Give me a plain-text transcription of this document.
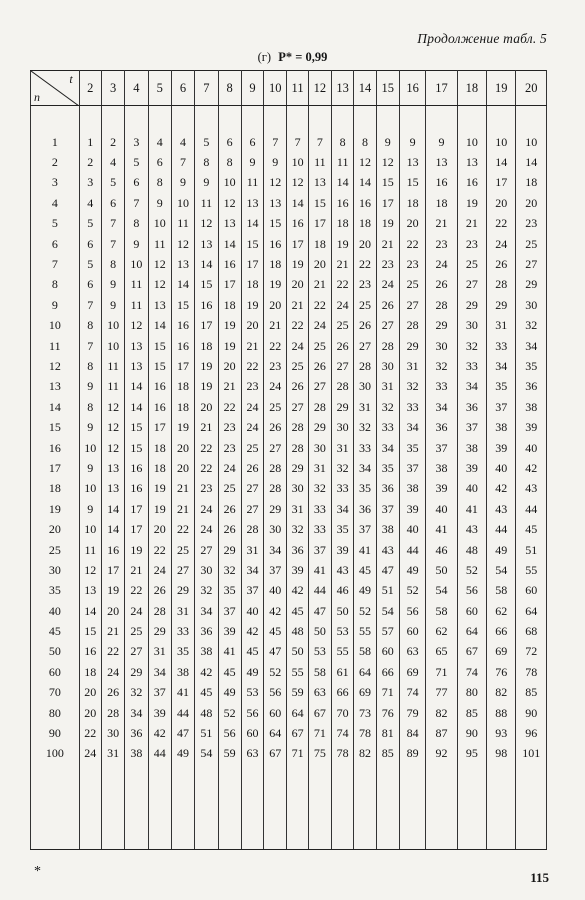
Продолжение табл. 5
(г) P* = 0,99
t
n	2	3	4	5	6	7	8	9	10	11	12	13	14	15	16	17	18	19	20

1	1	2	3	4	4	5	6	6	7	7	7	8	8	9	9	9	10	10	10
2	2	4	5	6	7	8	8	9	9	10	11	11	12	12	13	13	13	14	14
3	3	5	6	8	9	9	10	11	12	12	13	14	14	15	15	16	16	17	18
4	4	6	7	9	10	11	12	13	13	14	15	16	16	17	18	18	19	20	20
5	5	7	8	10	11	12	13	14	15	16	17	18	18	19	20	21	21	22	23
6	6	7	9	11	12	13	14	15	16	17	18	19	20	21	22	23	23	24	25
7	5	8	10	12	13	14	16	17	18	19	20	21	22	23	23	24	25	26	27
8	6	9	11	12	14	15	17	18	19	20	21	22	23	24	25	26	27	28	29
9	7	9	11	13	15	16	18	19	20	21	22	24	25	26	27	28	29	29	30
10	8	10	12	14	16	17	19	20	21	22	24	25	26	27	28	29	30	31	32
11	7	10	13	15	16	18	19	21	22	24	25	26	27	28	29	30	32	33	34
12	8	11	13	15	17	19	20	22	23	25	26	27	28	30	31	32	33	34	35
13	9	11	14	16	18	19	21	23	24	26	27	28	30	31	32	33	34	35	36
14	8	12	14	16	18	20	22	24	25	27	28	29	31	32	33	34	36	37	38
15	9	12	15	17	19	21	23	24	26	28	29	30	32	33	34	36	37	38	39
16	10	12	15	18	20	22	23	25	27	28	30	31	33	34	35	37	38	39	40
17	9	13	16	18	20	22	24	26	28	29	31	32	34	35	37	38	39	40	42
18	10	13	16	19	21	23	25	27	28	30	32	33	35	36	38	39	40	42	43
19	9	14	17	19	21	24	26	27	29	31	33	34	36	37	39	40	41	43	44
20	10	14	17	20	22	24	26	28	30	32	33	35	37	38	40	41	43	44	45
25	11	16	19	22	25	27	29	31	34	36	37	39	41	43	44	46	48	49	51
30	12	17	21	24	27	30	32	34	37	39	41	43	45	47	49	50	52	54	55
35	13	19	22	26	29	32	35	37	40	42	44	46	49	51	52	54	56	58	60
40	14	20	24	28	31	34	37	40	42	45	47	50	52	54	56	58	60	62	64
45	15	21	25	29	33	36	39	42	45	48	50	53	55	57	60	62	64	66	68
50	16	22	27	31	35	38	41	45	47	50	53	55	58	60	63	65	67	69	72
60	18	24	29	34	38	42	45	49	52	55	58	61	64	66	69	71	74	76	78
70	20	26	32	37	41	45	49	53	56	59	63	66	69	71	74	77	80	82	85
80	20	28	34	39	44	48	52	56	60	64	67	70	73	76	79	82	85	88	90
90	22	30	36	42	47	51	56	60	64	67	71	74	78	81	84	87	90	93	96
100	24	31	38	44	49	54	59	63	67	71	75	78	82	85	89	92	95	98	101

*	115
